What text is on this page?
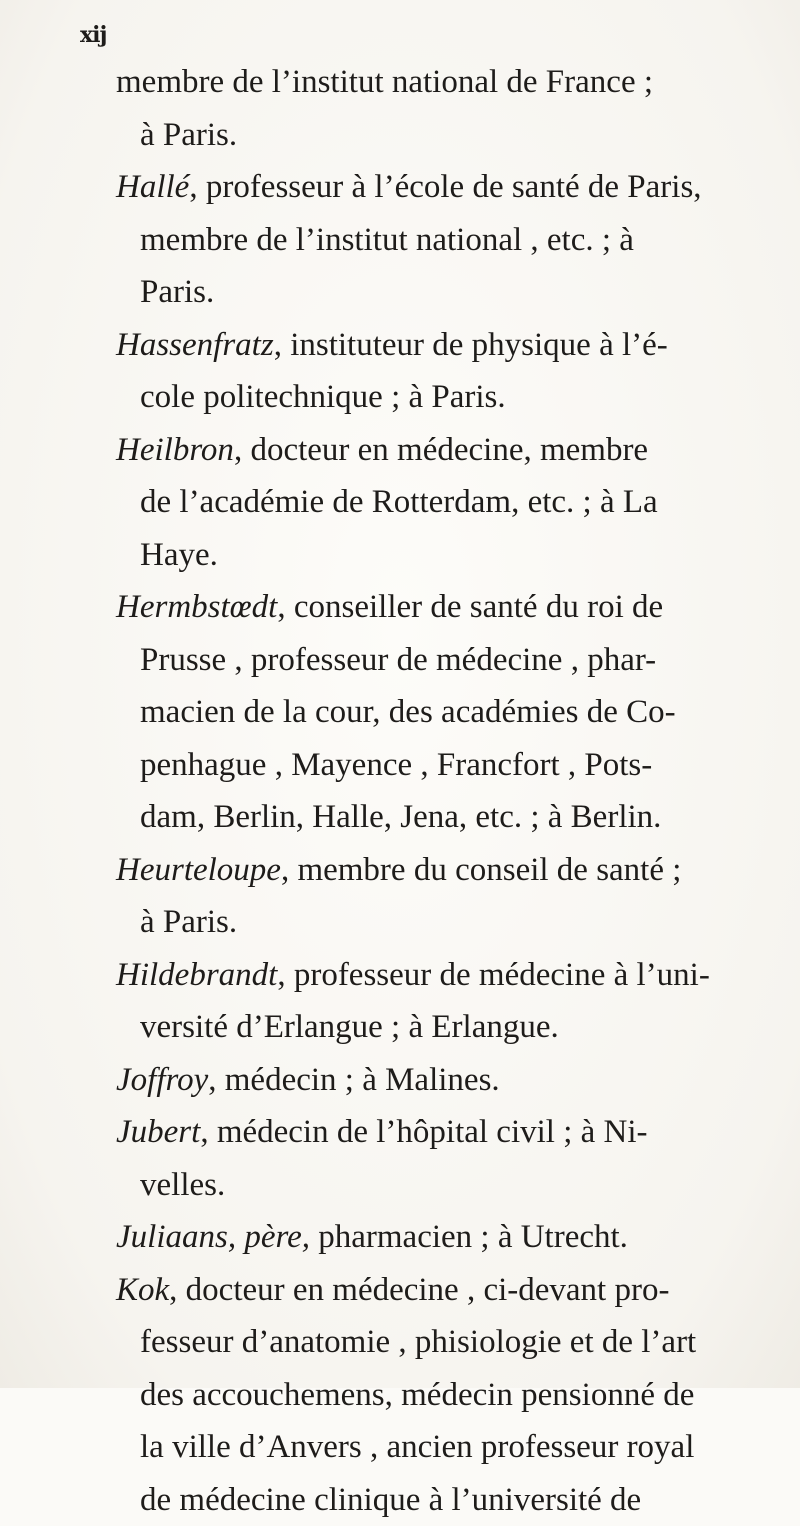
xij
membre de l’institut national de France ;
à Paris.
Hallé, professeur à l’école de santé de Paris,
membre de l’institut national , etc. ; à
Paris.
Hassenfratz, instituteur de physique à l’é-
cole politechnique ; à Paris.
Heilbron, docteur en médecine, membre
de l’académie de Rotterdam, etc. ; à La
Haye.
Hermbstœdt, conseiller de santé du roi de
Prusse , professeur de médecine , phar-
macien de la cour, des académies de Co-
penhague , Mayence , Francfort , Pots-
dam, Berlin, Halle, Jena, etc. ; à Berlin.
Heurteloupe, membre du conseil de santé ;
à Paris.
Hildebrandt, professeur de médecine à l’uni-
versité d’Erlangue ; à Erlangue.
Joffroy, médecin ; à Malines.
Jubert, médecin de l’hôpital civil ; à Ni-
velles.
Juliaans, père, pharmacien ; à Utrecht.
Kok, docteur en médecine , ci-devant pro-
fesseur d’anatomie , phisiologie et de l’art
des accouchemens, médecin pensionné de
la ville d’Anvers , ancien professeur royal
de médecine clinique à l’université de
